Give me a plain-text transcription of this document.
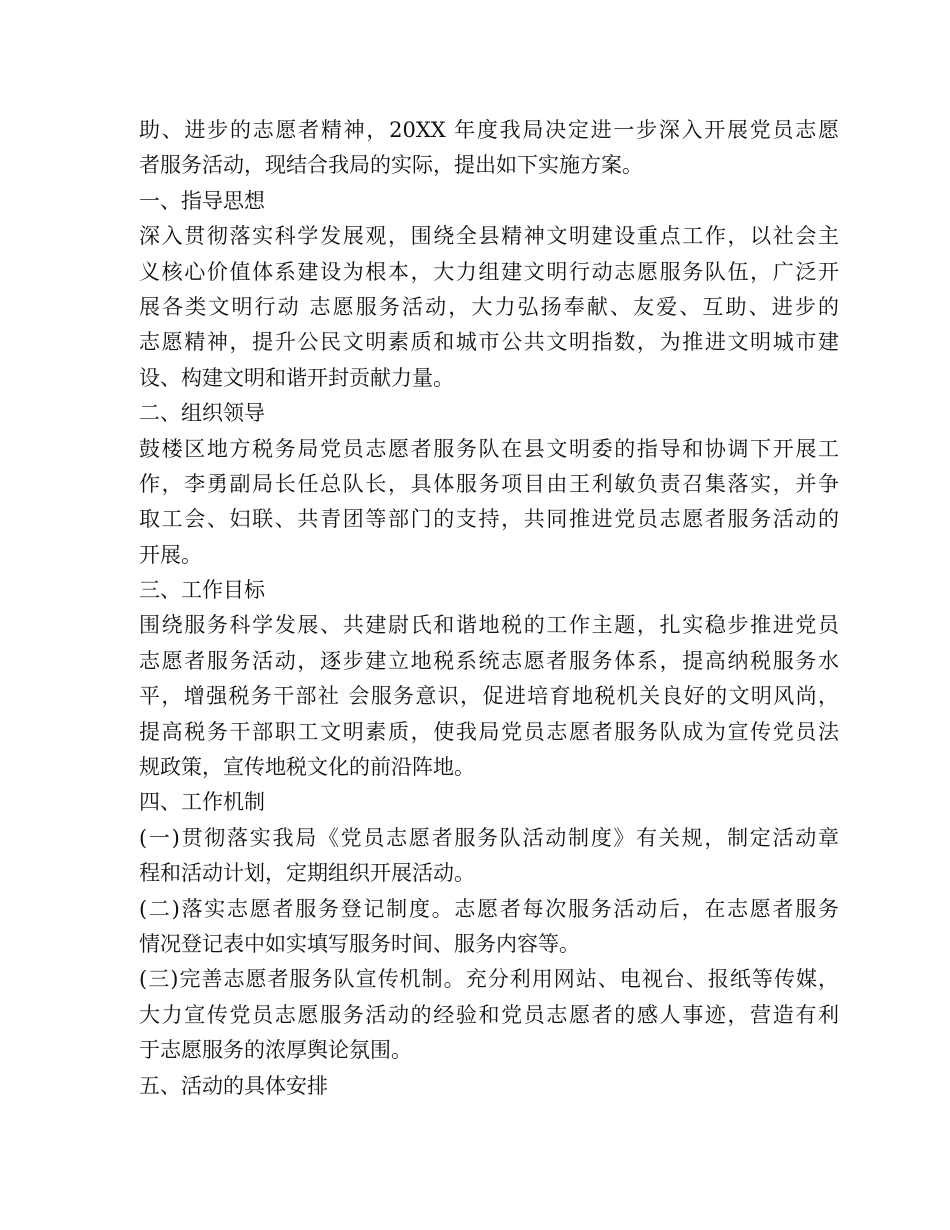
助、进步的志愿者精神，20XX 年度我局决定进一步深入开展党员志愿
者服务活动，现结合我局的实际，提出如下实施方案。
一、指导思想
深入贯彻落实科学发展观，围绕全县精神文明建设重点工作，以社会主
义核心价值体系建设为根本，大力组建文明行动志愿服务队伍，广泛开
展各类文明行动 志愿服务活动，大力弘扬奉献、友爱、互助、进步的
志愿精神，提升公民文明素质和城市公共文明指数，为推进文明城市建
设、构建文明和谐开封贡献力量。
二、组织领导
鼓楼区地方税务局党员志愿者服务队在县文明委的指导和协调下开展工
作，李勇副局长任总队长，具体服务项目由王利敏负责召集落实，并争
取工会、妇联、共青团等部门的支持，共同推进党员志愿者服务活动的
开展。
三、工作目标
围绕服务科学发展、共建尉氏和谐地税的工作主题，扎实稳步推进党员
志愿者服务活动，逐步建立地税系统志愿者服务体系，提高纳税服务水
平，增强税务干部社 会服务意识，促进培育地税机关良好的文明风尚，
提高税务干部职工文明素质，使我局党员志愿者服务队成为宣传党员法
规政策，宣传地税文化的前沿阵地。
四、工作机制
(一)贯彻落实我局《党员志愿者服务队活动制度》有关规，制定活动章
程和活动计划，定期组织开展活动。
(二)落实志愿者服务登记制度。志愿者每次服务活动后，在志愿者服务
情况登记表中如实填写服务时间、服务内容等。
(三)完善志愿者服务队宣传机制。充分利用网站、电视台、报纸等传媒，
大力宣传党员志愿服务活动的经验和党员志愿者的感人事迹，营造有利
于志愿服务的浓厚舆论氛围。
五、活动的具体安排
